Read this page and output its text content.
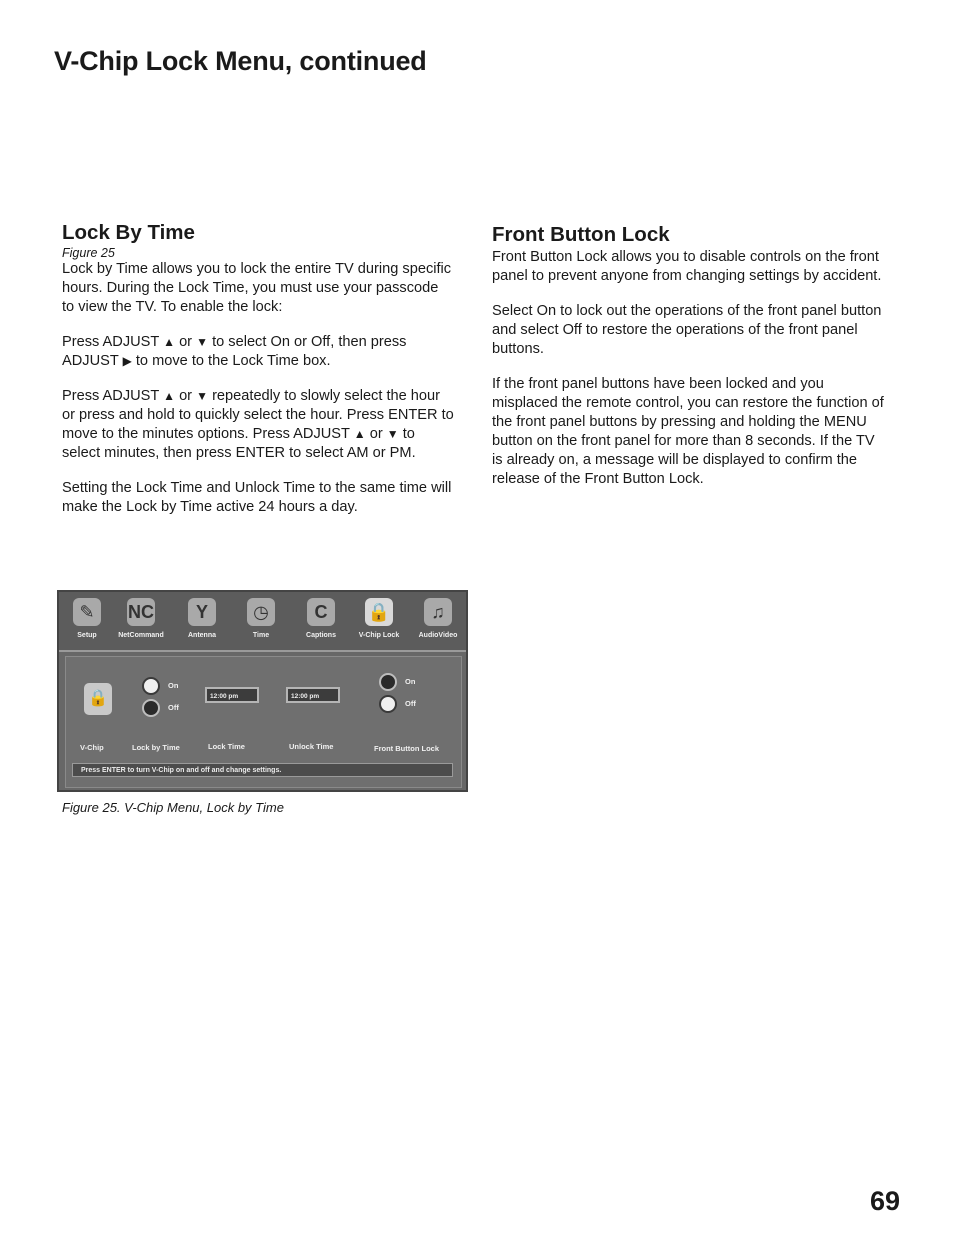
V-Chip Lock Menu, continued
Lock By Time
Figure 25

Lock by Time allows you to lock the entire TV during specific hours. During the Lock Time, you must use your passcode to view the TV. To enable the lock:

Press ADJUST ▲ or ▼ to select On or Off, then press ADJUST ▶ to move to the Lock Time box.

Press ADJUST ▲ or ▼ repeatedly to slowly select the hour or press and hold to quickly select the hour. Press ENTER to move to the minutes options. Press ADJUST ▲ or ▼ to select minutes, then press ENTER to select AM or PM.

Setting the Lock Time and Unlock Time to the same time will make the Lock by Time active 24 hours a day.

Front Button Lock

Front Button Lock allows you to disable controls on the front panel to prevent anyone from changing settings by accident.

Select On to lock out the operations of the front panel button and select Off to restore the operations of the front panel buttons.

If the front panel buttons have been locked and you misplaced the remote control, you can restore the function of the front panel buttons by pressing and holding the MENU button on the front panel for more than 8 seconds. If the TV is already on, a message will be displayed to confirm the release of the Front Button Lock.

✎
Setup
NC
NetCommand
Y
Antenna
◷
Time
C
Captions
🔒
V-Chip Lock
♫
AudioVideo
🔒
On
Off
12:00 pm	12:00 pm
On
Off
V-Chip	Lock by Time	Lock Time	Unlock Time	Front Button Lock
Press ENTER to turn V-Chip on and off and change settings.

Figure 25. V-Chip Menu, Lock by Time

69
